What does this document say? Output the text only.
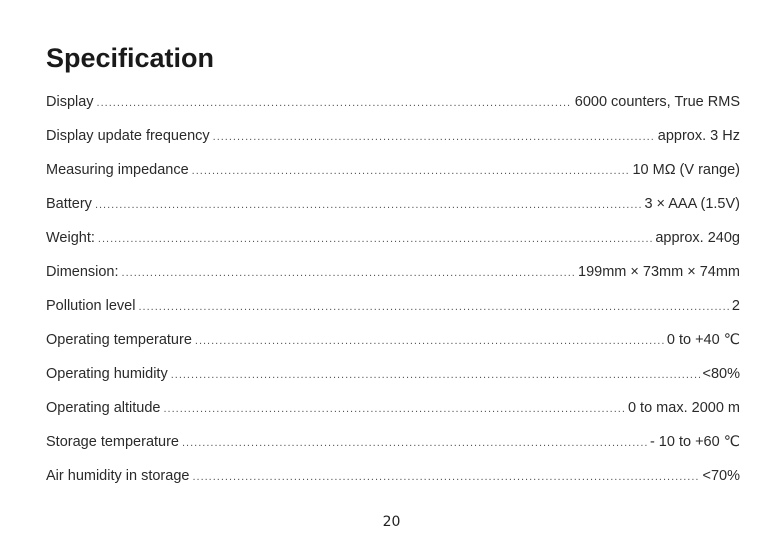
Specification
Display .....	6000 counters, True RMS
Display update frequency .....	approx. 3 Hz
Measuring impedance .....	10 MΩ (V range)
Battery .....	3 × AAA (1.5V)
Weight: .....	approx. 240g
Dimension: .....	199mm × 73mm × 74mm
Pollution level .....	2
Operating temperature .....	0 to +40 ℃
Operating humidity .....	<80%
Operating altitude .....	0 to max. 2000 m
Storage temperature .....	- 10 to +60 ℃
Air humidity in storage .....	<70%
20
